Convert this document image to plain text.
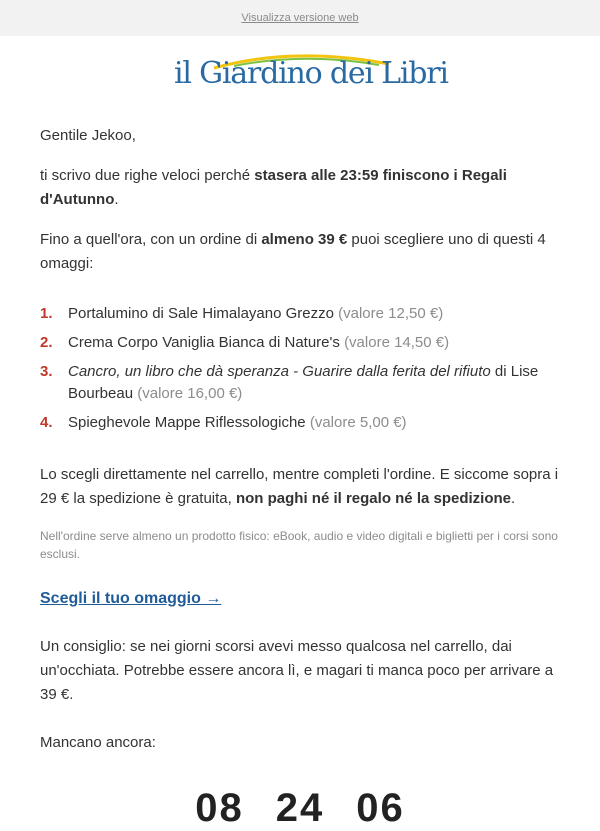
Visualizza versione web
il Giardino dei Libri

Gentile Jekoo,

ti scrivo due righe veloci perché stasera alle 23:59 finiscono i Regali d'Autunno.

Fino a quell'ora, con un ordine di almeno 39 € puoi scegliere uno di questi 4 omaggi:

1. Portalumino di Sale Himalayano Grezzo (valore 12,50 €)
2. Crema Corpo Vaniglia Bianca di Nature's (valore 14,50 €)
3. Cancro, un libro che dà speranza - Guarire dalla ferita del rifiuto di Lise Bourbeau (valore 16,00 €)
4. Spieghevole Mappe Riflessologiche (valore 5,00 €)

Lo scegli direttamente nel carrello, mentre completi l'ordine. E siccome sopra i 29 € la spedizione è gratuita, non paghi né il regalo né la spedizione.

Nell'ordine serve almeno un prodotto fisico: eBook, audio e video digitali e biglietti per i corsi sono esclusi.

Scegli il tuo omaggio →

Un consiglio: se nei giorni scorsi avevi messo qualcosa nel carrello, dai un'occhiata. Potrebbe essere ancora lì, e magari ti manca poco per arrivare a 39 €.

Mancano ancora:

08 24 06
